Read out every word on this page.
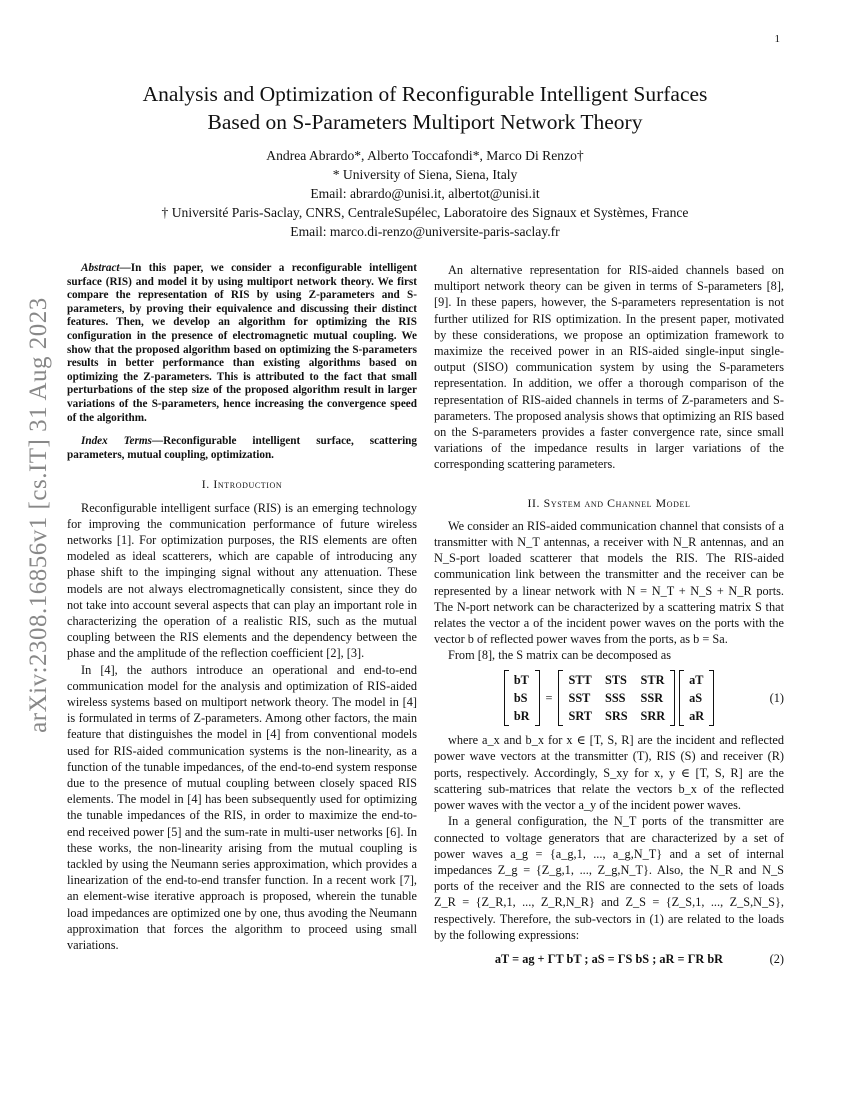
1
arXiv:2308.16856v1 [cs.IT] 31 Aug 2023
Analysis and Optimization of Reconfigurable Intelligent Surfaces
Based on S-Parameters Multiport Network Theory
Andrea Abrardo*, Alberto Toccafondi*, Marco Di Renzo†
* University of Siena, Siena, Italy
Email: abrardo@unisi.it, albertot@unisi.it
† Université Paris-Saclay, CNRS, CentraleSupélec, Laboratoire des Signaux et Systèmes, France
Email: marco.di-renzo@universite-paris-saclay.fr

Abstract—In this paper, we consider a reconfigurable intelligent surface (RIS) and model it by using multiport network theory. We first compare the representation of RIS by using Z-parameters and S-parameters, by proving their equivalence and discussing their distinct features. Then, we develop an algorithm for optimizing the RIS configuration in the presence of electromagnetic mutual coupling. We show that the proposed algorithm based on optimizing the S-parameters results in better performance than existing algorithms based on optimizing the Z-parameters. This is attributed to the fact that small perturbations of the step size of the proposed algorithm result in larger variations of the S-parameters, hence increasing the convergence speed of the algorithm.

Index Terms—Reconfigurable intelligent surface, scattering parameters, mutual coupling, optimization.

I. Introduction

Reconfigurable intelligent surface (RIS) is an emerging technology for improving the communication performance of future wireless networks [1]. For optimization purposes, the RIS elements are often modeled as ideal scatterers, which are capable of introducing any phase shift to the impinging signal without any attenuation. These models are not always electromagnetically consistent, since they do not take into account several aspects that can play an important role in characterizing the operation of a realistic RIS, such as the mutual coupling between the RIS elements and the dependency between the phase and the amplitude of the reflection coefficient [2], [3].

In [4], the authors introduce an operational and end-to-end communication model for the analysis and optimization of RIS-aided wireless systems based on multiport network theory. The model in [4] is formulated in terms of Z-parameters. Among other factors, the main feature that distinguishes the model in [4] from conventional models used for RIS-aided communication systems is the non-linearity, as a function of the tunable impedances, of the end-to-end system response due to the presence of mutual coupling between closely spaced RIS elements. The model in [4] has been subsequently used for optimizing the tunable impedances of the RIS, in order to maximize the end-to-end received power [5] and the sum-rate in multi-user networks [6]. In these works, the non-linearity arising from the mutual coupling is tackled by using the Neumann series approximation, which provides a linearization of the end-to-end transfer function. In a recent work [7], an element-wise iterative approach is proposed, wherein the tunable load impedances are optimized one by one, thus avoding the Neumann approximation that forces the algorithm to proceed using small variations.

An alternative representation for RIS-aided channels based on multiport network theory can be given in terms of S-parameters [8], [9]. In these papers, however, the S-parameters representation is not further utilized for RIS optimization. In the present paper, motivated by these considerations, we propose an optimization framework to maximize the received power in an RIS-aided single-input single-output (SISO) communication system by using the S-parameters representation. In addition, we offer a thorough comparison of the representation of RIS-aided channels in terms of Z-parameters and S-parameters. The proposed analysis shows that optimizing an RIS based on the S-parameters provides a faster convergence rate, since small variations of the impedance results in larger variations of the corresponding scattering parameters.

II. System and Channel Model

We consider an RIS-aided communication channel that consists of a transmitter with N_T antennas, a receiver with N_R antennas, and an N_S-port loaded scatterer that models the RIS. The RIS-aided communication link between the transmitter and the receiver can be represented by a linear network with N = N_T + N_S + N_R ports. The N-port network can be characterized by a scattering matrix S that relates the vector a of the incident power waves on the ports with the vector b of reflected power waves from the ports, as b = Sa.

From [8], the S matrix can be decomposed as

bT
bS
bR
=
STT STS STR
SST SSS SSR
SRT SRS SRR
aT
aS
aR
(1)

where a_x and b_x for x ∈ [T, S, R] are the incident and reflected power wave vectors at the transmitter (T), RIS (S) and receiver (R) ports, respectively. Accordingly, S_xy for x, y ∈ [T, S, R] are the scattering sub-matrices that relate the vectors b_x of the reflected power waves with the vector a_y of the incident power waves.

In a general configuration, the N_T ports of the transmitter are connected to voltage generators that are characterized by a set of power waves a_g = {a_g,1, ..., a_g,N_T} and a set of internal impedances Z_g = {Z_g,1, ..., Z_g,N_T}. Also, the N_R and N_S ports of the receiver and the RIS are connected to the sets of loads Z_R = {Z_R,1, ..., Z_R,N_R} and Z_S = {Z_S,1, ..., Z_S,N_S}, respectively. Therefore, the sub-vectors in (1) are related to the loads by the following expressions:

aT = ag + ΓT bT ; aS = ΓS bS ; aR = ΓR bR	(2)
